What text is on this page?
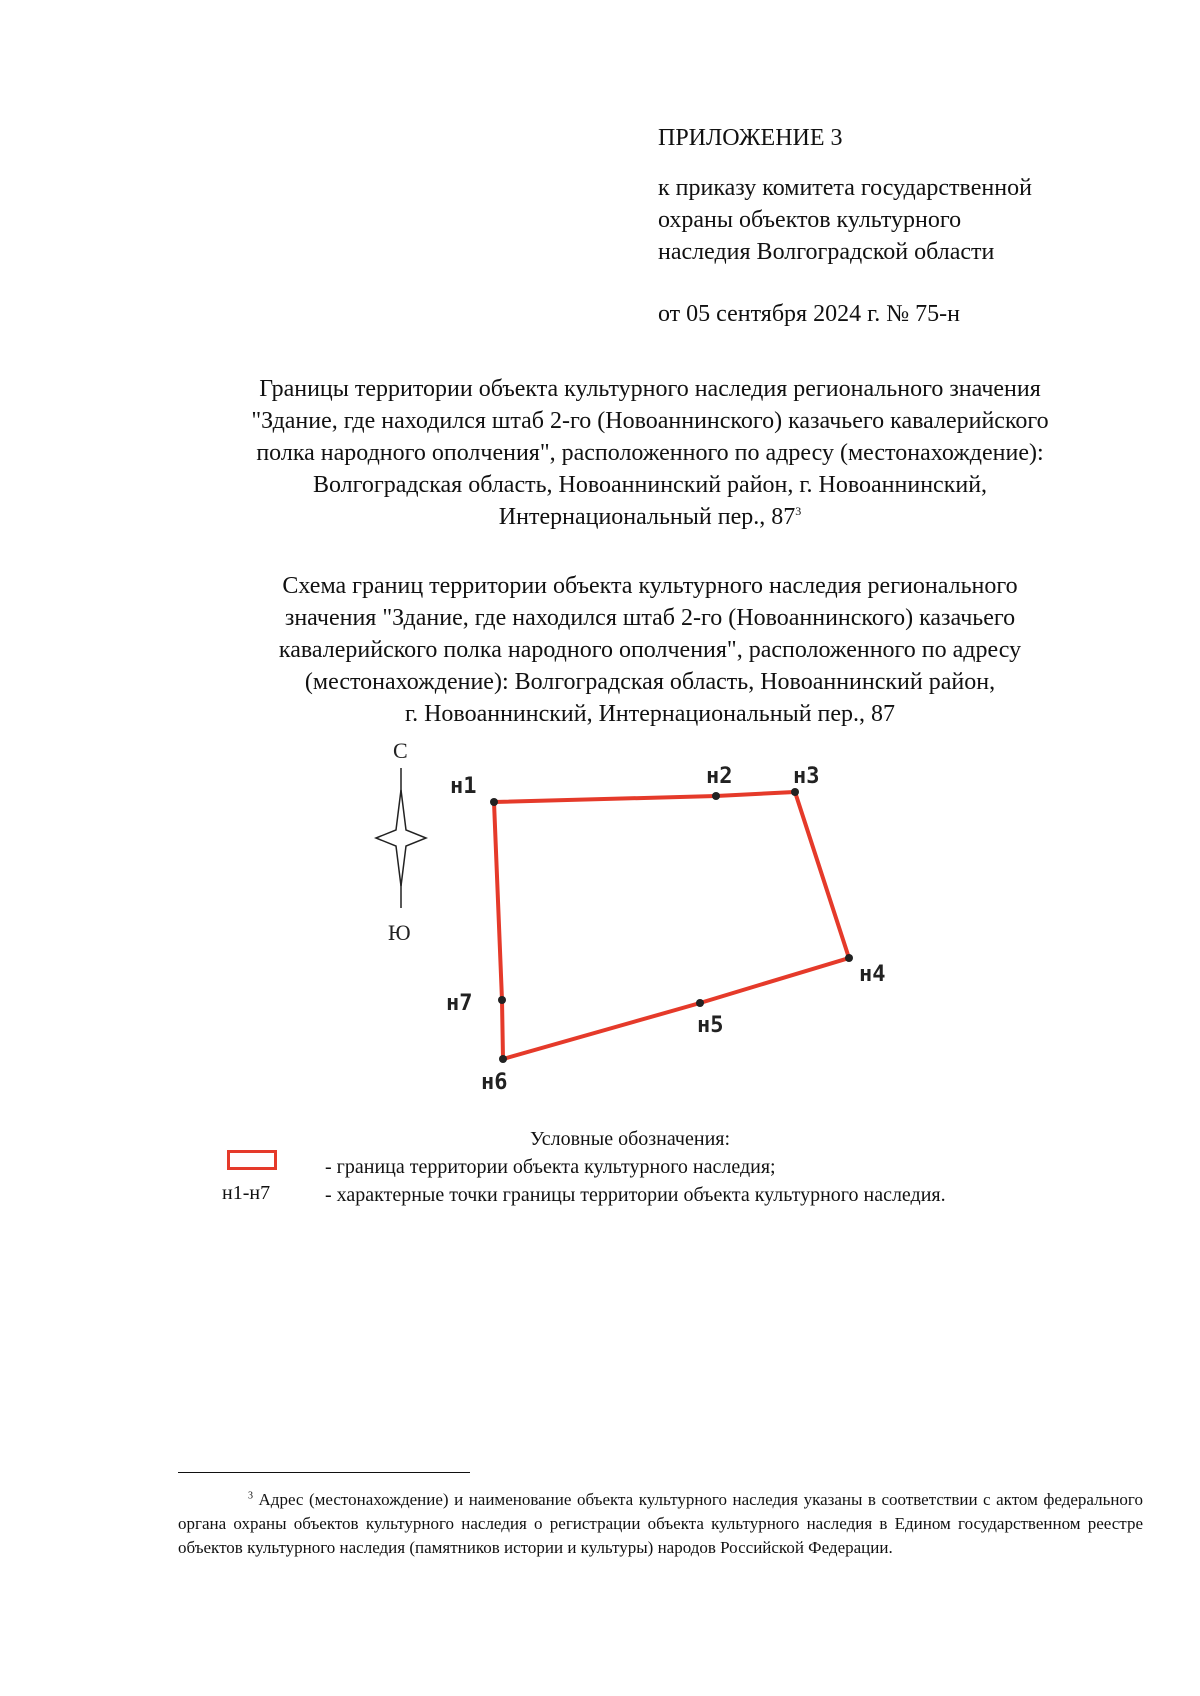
ПРИЛОЖЕНИЕ 3
к приказу комитета государственной
охраны объектов культурного
наследия Волгоградской области
от 05 сентября 2024 г. № 75-н
Границы территории объекта культурного наследия регионального значения
"Здание, где находился штаб 2-го (Новоаннинского) казачьего кавалерийского
полка народного ополчения", расположенного по адресу (местонахождение):
Волгоградская область, Новоаннинский район, г. Новоаннинский,
Интернациональный пер., $87^3$
Схема границ территории объекта культурного наследия регионального
значения "Здание, где находился штаб 2-го (Новоаннинского) казачьего
кавалерийского полка народного ополчения", расположенного по адресу
(местонахождение): Волгоградская область, Новоаннинский район,
г. Новоаннинский, Интернациональный пер., 87
С
Ю
н1	н2	н3
н4
н5
н6
н7
Условные обозначения:
н1-н7
- граница территории объекта культурного наследия;
- характерные точки границы территории объекта культурного наследия.
$^3$ Адрес (местонахождение) и наименование объекта культурного наследия указаны в соответствии с актом федерального органа охраны объектов культурного наследия о регистрации объекта культурного наследия в Едином государственном реестре объектов культурного наследия (памятников истории и культуры) народов Российской Федерации.
